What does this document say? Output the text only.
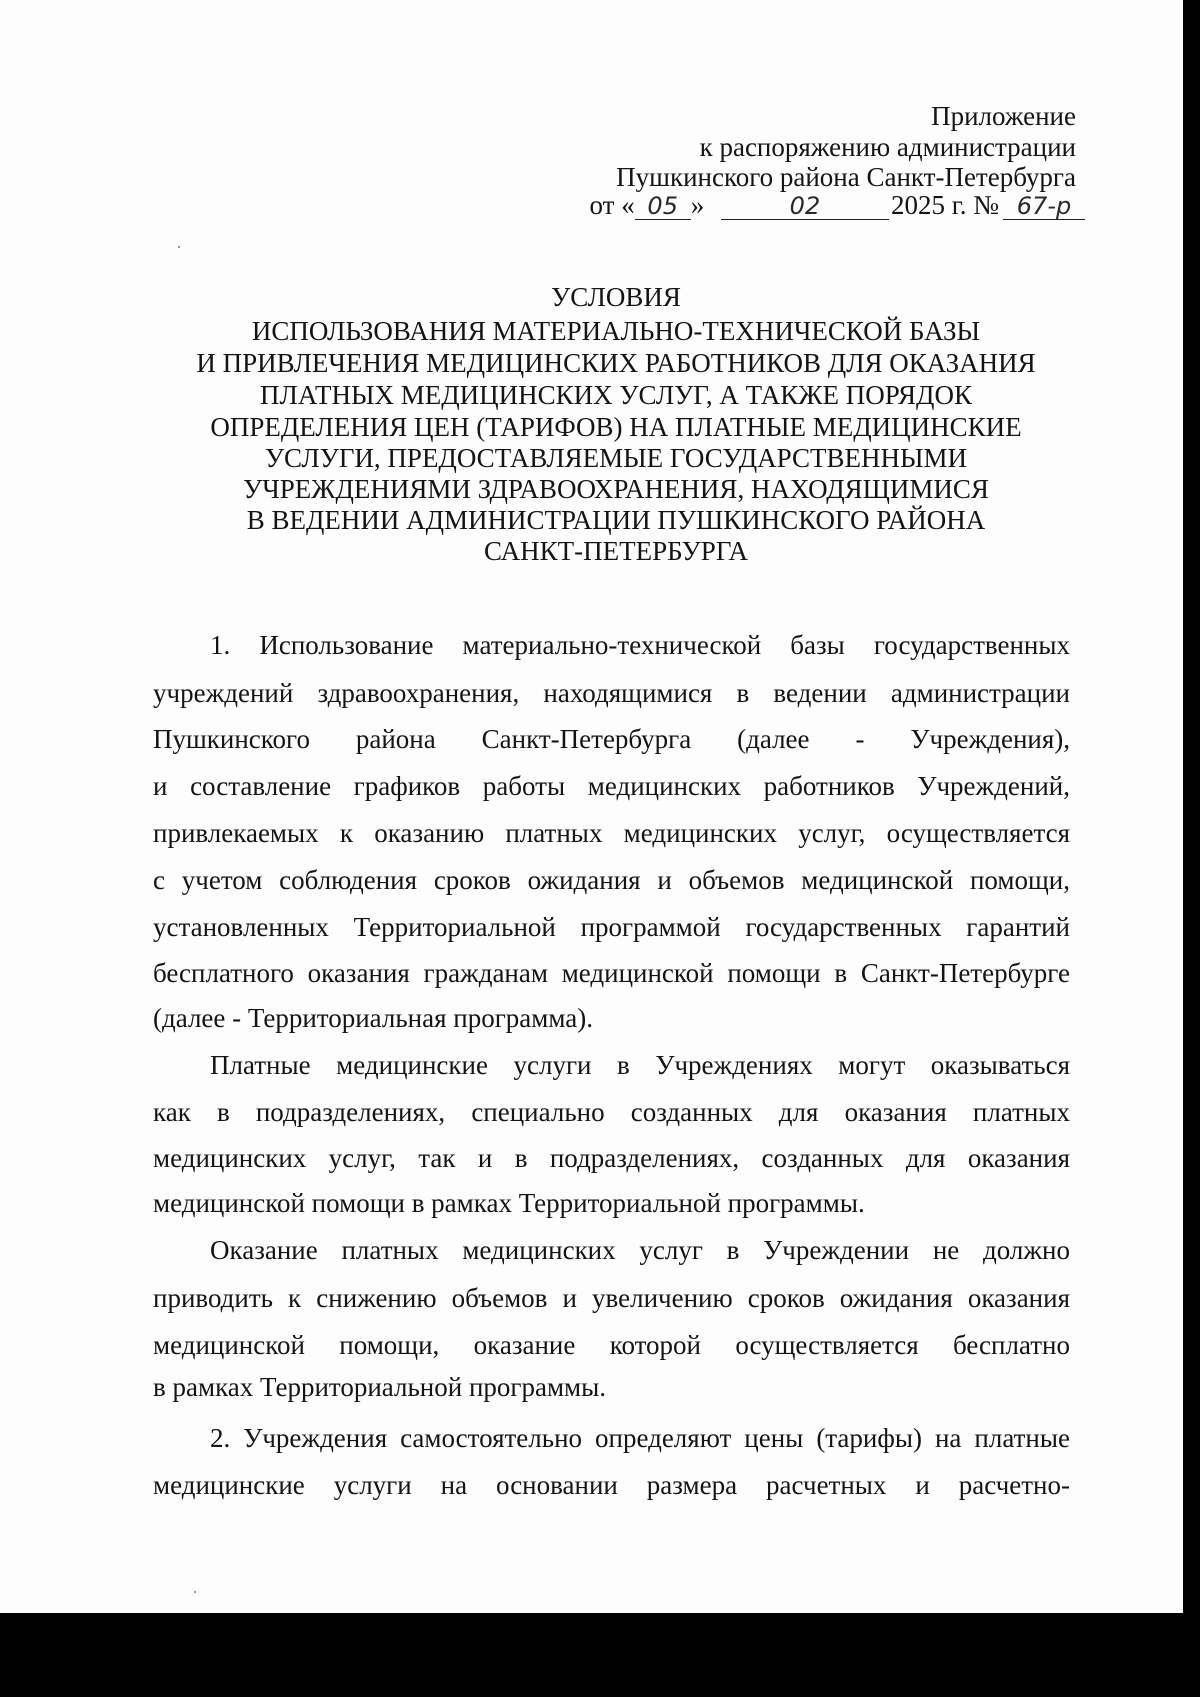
Приложение
к распоряжению администрации
Пушкинского района Санкт-Петербурга
от « 05 »	02	2025 г. № 67-р
УСЛОВИЯ
ИСПОЛЬЗОВАНИЯ МАТЕРИАЛЬНО-ТЕХНИЧЕСКОЙ БАЗЫ
И ПРИВЛЕЧЕНИЯ МЕДИЦИНСКИХ РАБОТНИКОВ ДЛЯ ОКАЗАНИЯ
ПЛАТНЫХ МЕДИЦИНСКИХ УСЛУГ, А ТАКЖЕ ПОРЯДОК
ОПРЕДЕЛЕНИЯ ЦЕН (ТАРИФОВ) НА ПЛАТНЫЕ МЕДИЦИНСКИЕ
УСЛУГИ, ПРЕДОСТАВЛЯЕМЫЕ ГОСУДАРСТВЕННЫМИ
УЧРЕЖДЕНИЯМИ ЗДРАВООХРАНЕНИЯ, НАХОДЯЩИМИСЯ
В ВЕДЕНИИ АДМИНИСТРАЦИИ ПУШКИНСКОГО РАЙОНА
САНКТ-ПЕТЕРБУРГА
1. Использование материально-технической базы государственных
учреждений здравоохранения, находящимися в ведении администрации
Пушкинского района Санкт-Петербурга (далее - Учреждения),
и составление графиков работы медицинских работников Учреждений,
привлекаемых к оказанию платных медицинских услуг, осуществляется
с учетом соблюдения сроков ожидания и объемов медицинской помощи,
установленных Территориальной программой государственных гарантий
бесплатного оказания гражданам медицинской помощи в Санкт-Петербурге
(далее - Территориальная программа).
Платные медицинские услуги в Учреждениях могут оказываться
как в подразделениях, специально созданных для оказания платных
медицинских услуг, так и в подразделениях, созданных для оказания
медицинской помощи в рамках Территориальной программы.
Оказание платных медицинских услуг в Учреждении не должно
приводить к снижению объемов и увеличению сроков ожидания оказания
медицинской помощи, оказание которой осуществляется бесплатно
в рамках Территориальной программы.
2. Учреждения самостоятельно определяют цены (тарифы) на платные
медицинские услуги на основании размера расчетных и расчетно-
